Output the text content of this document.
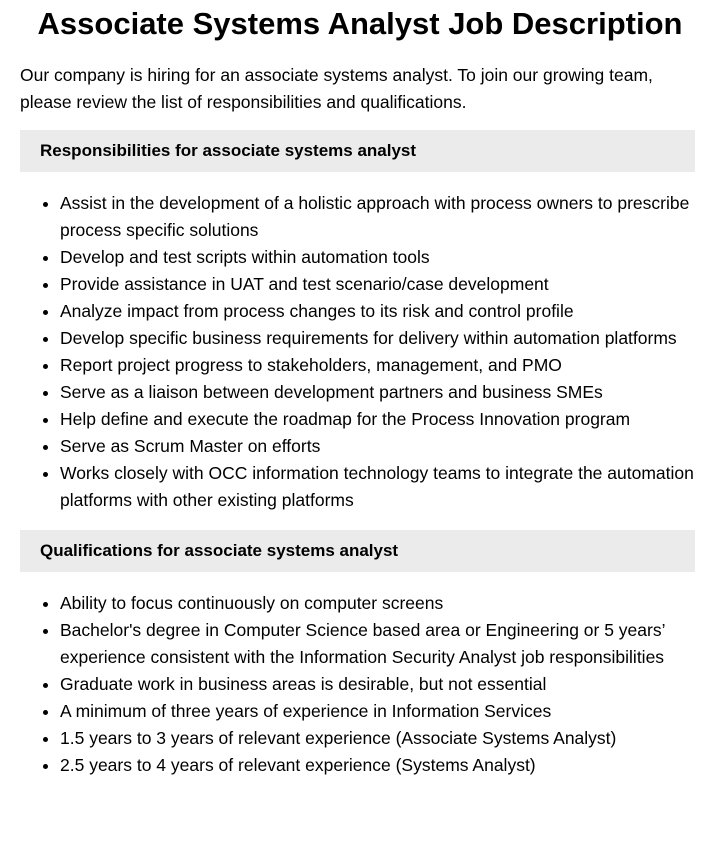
Associate Systems Analyst Job Description

Our company is hiring for an associate systems analyst. To join our growing team, please review the list of responsibilities and qualifications.

Responsibilities for associate systems analyst
• Assist in the development of a holistic approach with process owners to prescribe process specific solutions
• Develop and test scripts within automation tools
• Provide assistance in UAT and test scenario/case development
• Analyze impact from process changes to its risk and control profile
• Develop specific business requirements for delivery within automation platforms
• Report project progress to stakeholders, management, and PMO
• Serve as a liaison between development partners and business SMEs
• Help define and execute the roadmap for the Process Innovation program
• Serve as Scrum Master on efforts
• Works closely with OCC information technology teams to integrate the automation platforms with other existing platforms
Qualifications for associate systems analyst
• Ability to focus continuously on computer screens
• Bachelor's degree in Computer Science based area or Engineering or 5 years’ experience consistent with the Information Security Analyst job responsibilities
• Graduate work in business areas is desirable, but not essential
• A minimum of three years of experience in Information Services
• 1.5 years to 3 years of relevant experience (Associate Systems Analyst)
• 2.5 years to 4 years of relevant experience (Systems Analyst)
